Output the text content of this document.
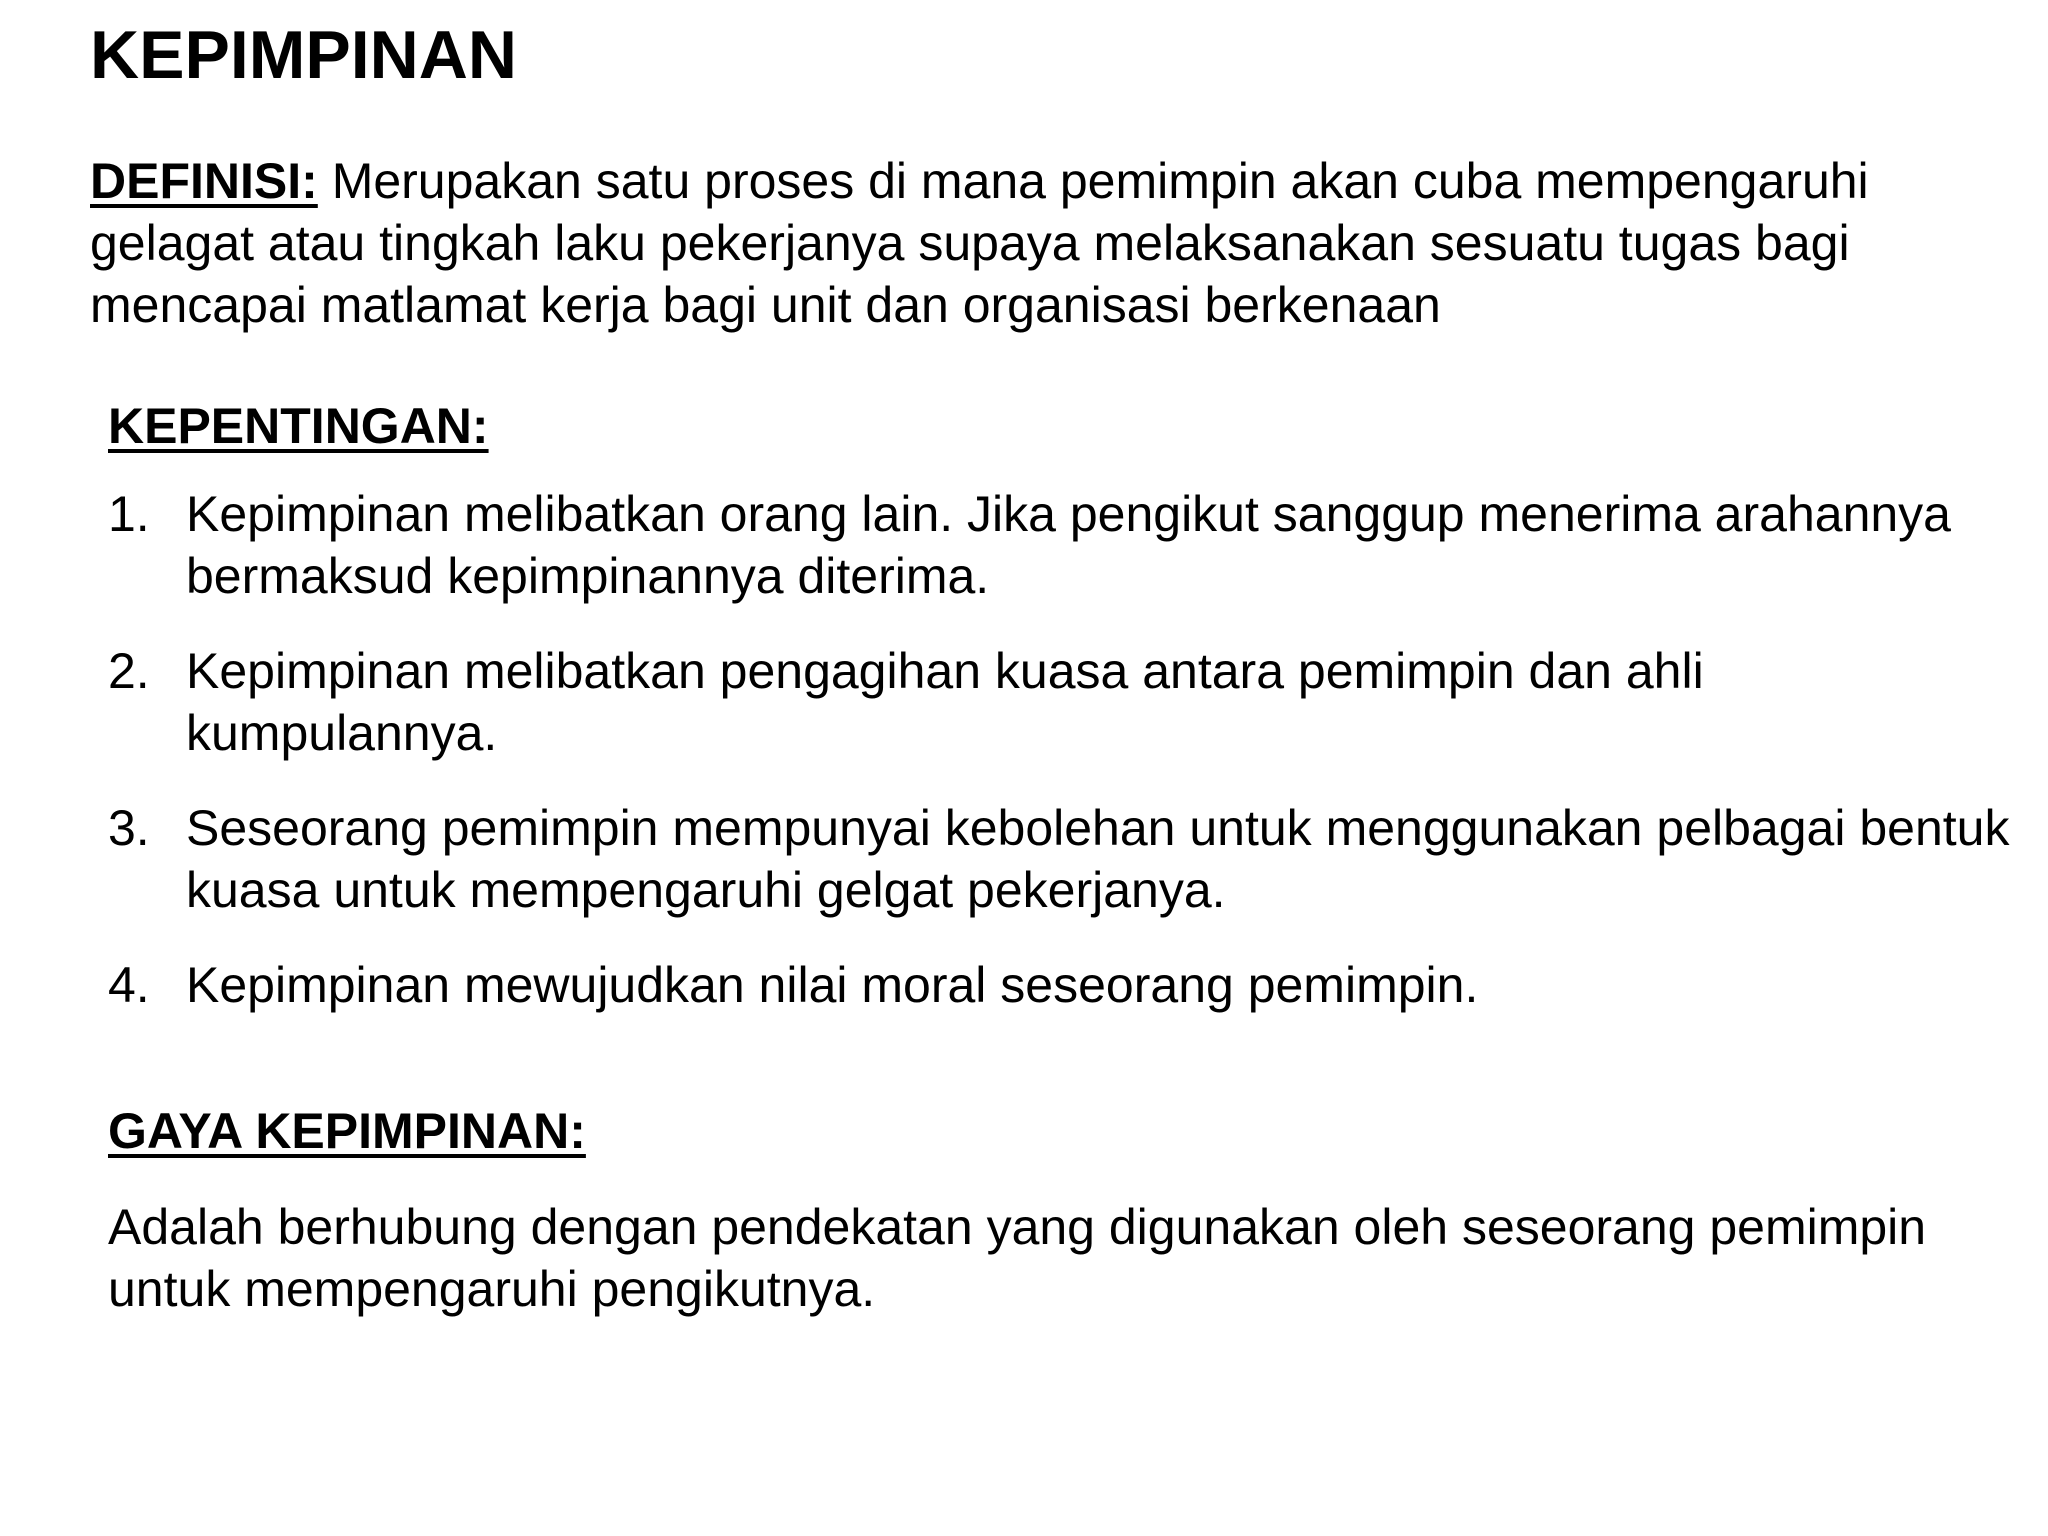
KEPIMPINAN

DEFINISI: Merupakan satu proses di mana pemimpin akan cuba mempengaruhi gelagat atau tingkah laku pekerjanya supaya melaksanakan sesuatu tugas bagi mencapai matlamat kerja bagi unit dan organisasi berkenaan

KEPENTINGAN:
1. Kepimpinan melibatkan orang lain. Jika pengikut sanggup menerima arahannya bermaksud kepimpinannya diterima.
2. Kepimpinan melibatkan pengagihan kuasa antara pemimpin dan ahli kumpulannya.
3. Seseorang pemimpin mempunyai kebolehan untuk menggunakan pelbagai bentuk kuasa untuk mempengaruhi gelgat pekerjanya.
4. Kepimpinan mewujudkan nilai moral seseorang pemimpin.
GAYA KEPIMPINAN:

Adalah berhubung dengan pendekatan yang digunakan oleh seseorang pemimpin untuk mempengaruhi pengikutnya.
